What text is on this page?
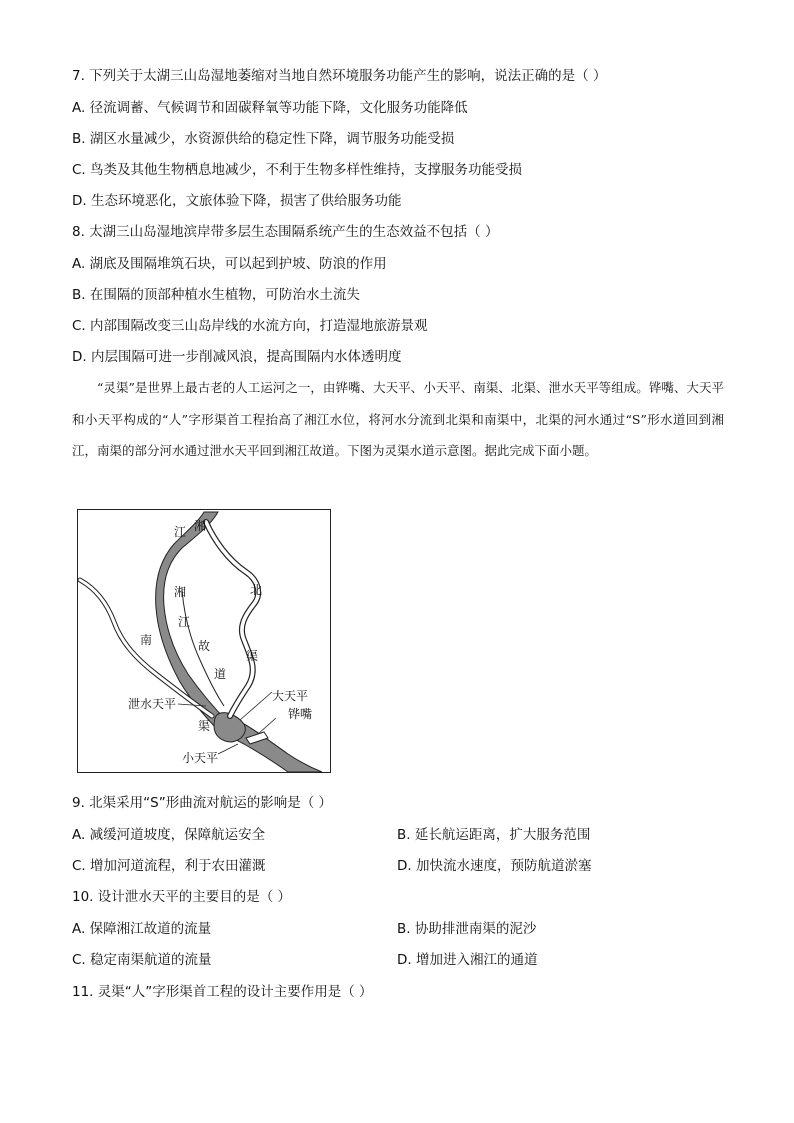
7. 下列关于太湖三山岛湿地萎缩对当地自然环境服务功能产生的影响，说法正确的是（ ）
A. 径流调蓄、气候调节和固碳释氧等功能下降，文化服务功能降低
B. 湖区水量减少，水资源供给的稳定性下降，调节服务功能受损
C. 鸟类及其他生物栖息地减少，不利于生物多样性维持，支撑服务功能受损
D. 生态环境恶化，文旅体验下降，损害了供给服务功能
8. 太湖三山岛湿地滨岸带多层生态围隔系统产生的生态效益不包括（ ）
A. 湖底及围隔堆筑石块，可以起到护坡、防浪的作用
B. 在围隔的顶部种植水生植物，可防治水土流失
C. 内部围隔改变三山岛岸线的水流方向，打造湿地旅游景观
D. 内层围隔可进一步削减风浪，提高围隔内水体透明度
“灵渠”是世界上最古老的人工运河之一，由铧嘴、大天平、小天平、南渠、北渠、泄水天平等组成。铧嘴、大天平和小天平构成的“人”字形渠首工程抬高了湘江水位，将河水分流到北渠和南渠中，北渠的河水通过“S”形水道回到湘江，南渠的部分河水通过泄水天平回到湘江故道。下图为灵渠水道示意图。据此完成下面小题。
湘
江
北
湘
江
故
南
渠
道
泄水天平
大天平
铧嘴
渠
小天平
9. 北渠采用“S”形曲流对航运的影响是（ ）
A. 减缓河道坡度，保障航运安全	B. 延长航运距离，扩大服务范围
C. 增加河道流程，利于农田灌溉	D. 加快流水速度，预防航道淤塞
10. 设计泄水天平的主要目的是（ ）
A. 保障湘江故道的流量	B. 协助排泄南渠的泥沙
C. 稳定南渠航道的流量	D. 增加进入湘江的通道
11. 灵渠“人”字形渠首工程的设计主要作用是（ ）
